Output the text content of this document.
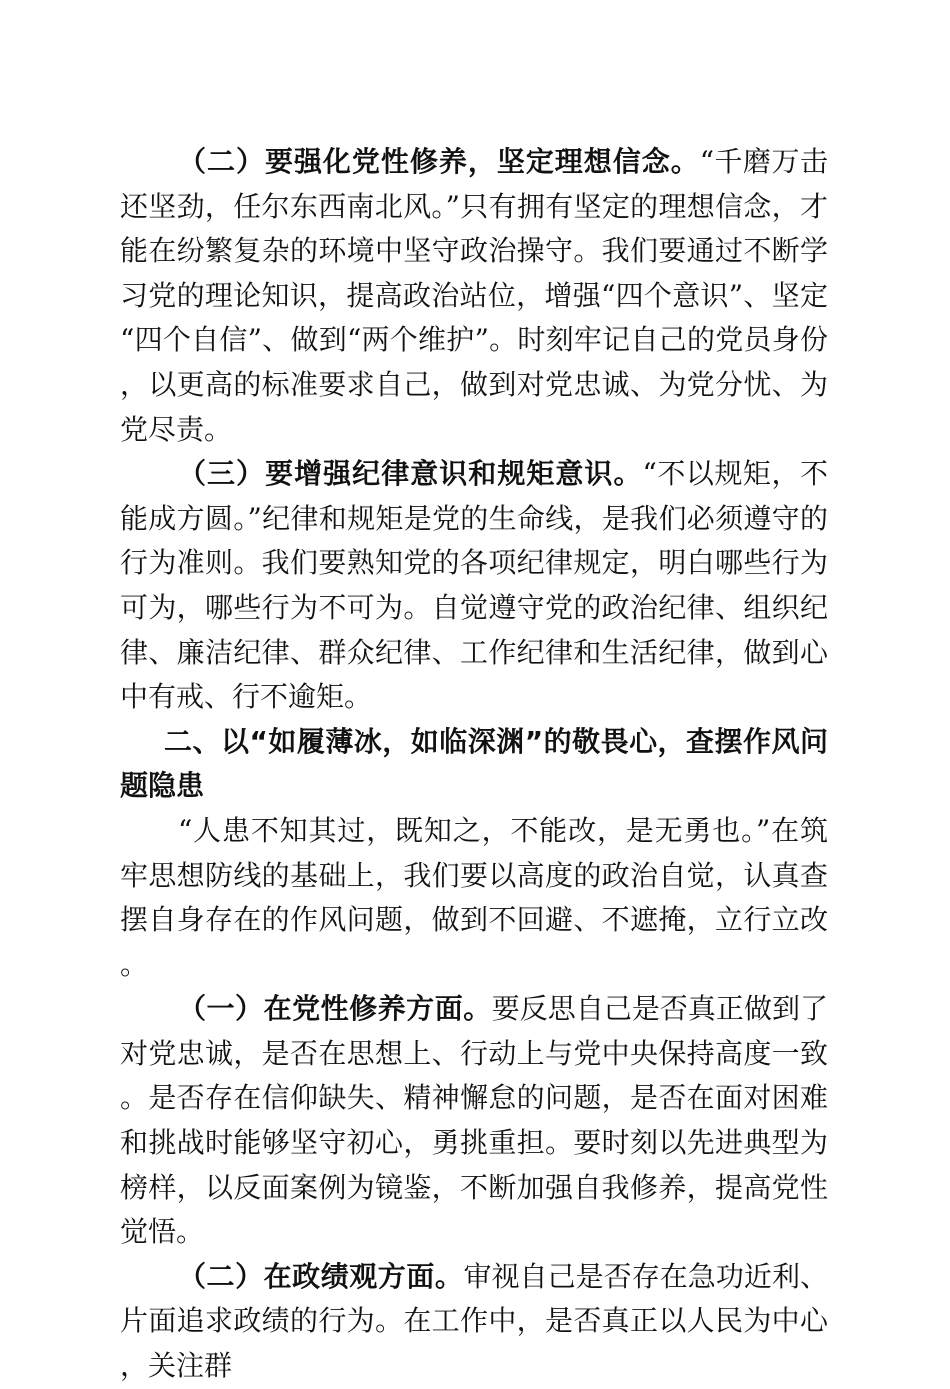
（二）要强化党性修养，坚定理想信念。“千磨万击还坚劲，任尔东西南北风。”只有拥有坚定的理想信念，才能在纷繁复杂的环境中坚守政治操守。我们要通过不断学习党的理论知识，提高政治站位，增强“四个意识”、坚定“四个自信”、做到“两个维护”。时刻牢记自己的党员身份，以更高的标准要求自己，做到对党忠诚、为党分忧、为党尽责。

（三）要增强纪律意识和规矩意识。“不以规矩，不能成方圆。”纪律和规矩是党的生命线，是我们必须遵守的行为准则。我们要熟知党的各项纪律规定，明白哪些行为可为，哪些行为不可为。自觉遵守党的政治纪律、组织纪律、廉洁纪律、群众纪律、工作纪律和生活纪律，做到心中有戒、行不逾矩。

二、以“如履薄冰，如临深渊”的敬畏心，查摆作风问题隐患

“人患不知其过，既知之，不能改，是无勇也。”在筑牢思想防线的基础上，我们要以高度的政治自觉，认真查摆自身存在的作风问题，做到不回避、不遮掩，立行立改。

（一）在党性修养方面。要反思自己是否真正做到了对党忠诚，是否在思想上、行动上与党中央保持高度一致。是否存在信仰缺失、精神懈怠的问题，是否在面对困难和挑战时能够坚守初心，勇挑重担。要时刻以先进典型为榜样，以反面案例为镜鉴，不断加强自我修养，提高党性觉悟。

（二）在政绩观方面。审视自己是否存在急功近利、片面追求政绩的行为。在工作中，是否真正以人民为中心，关注群
